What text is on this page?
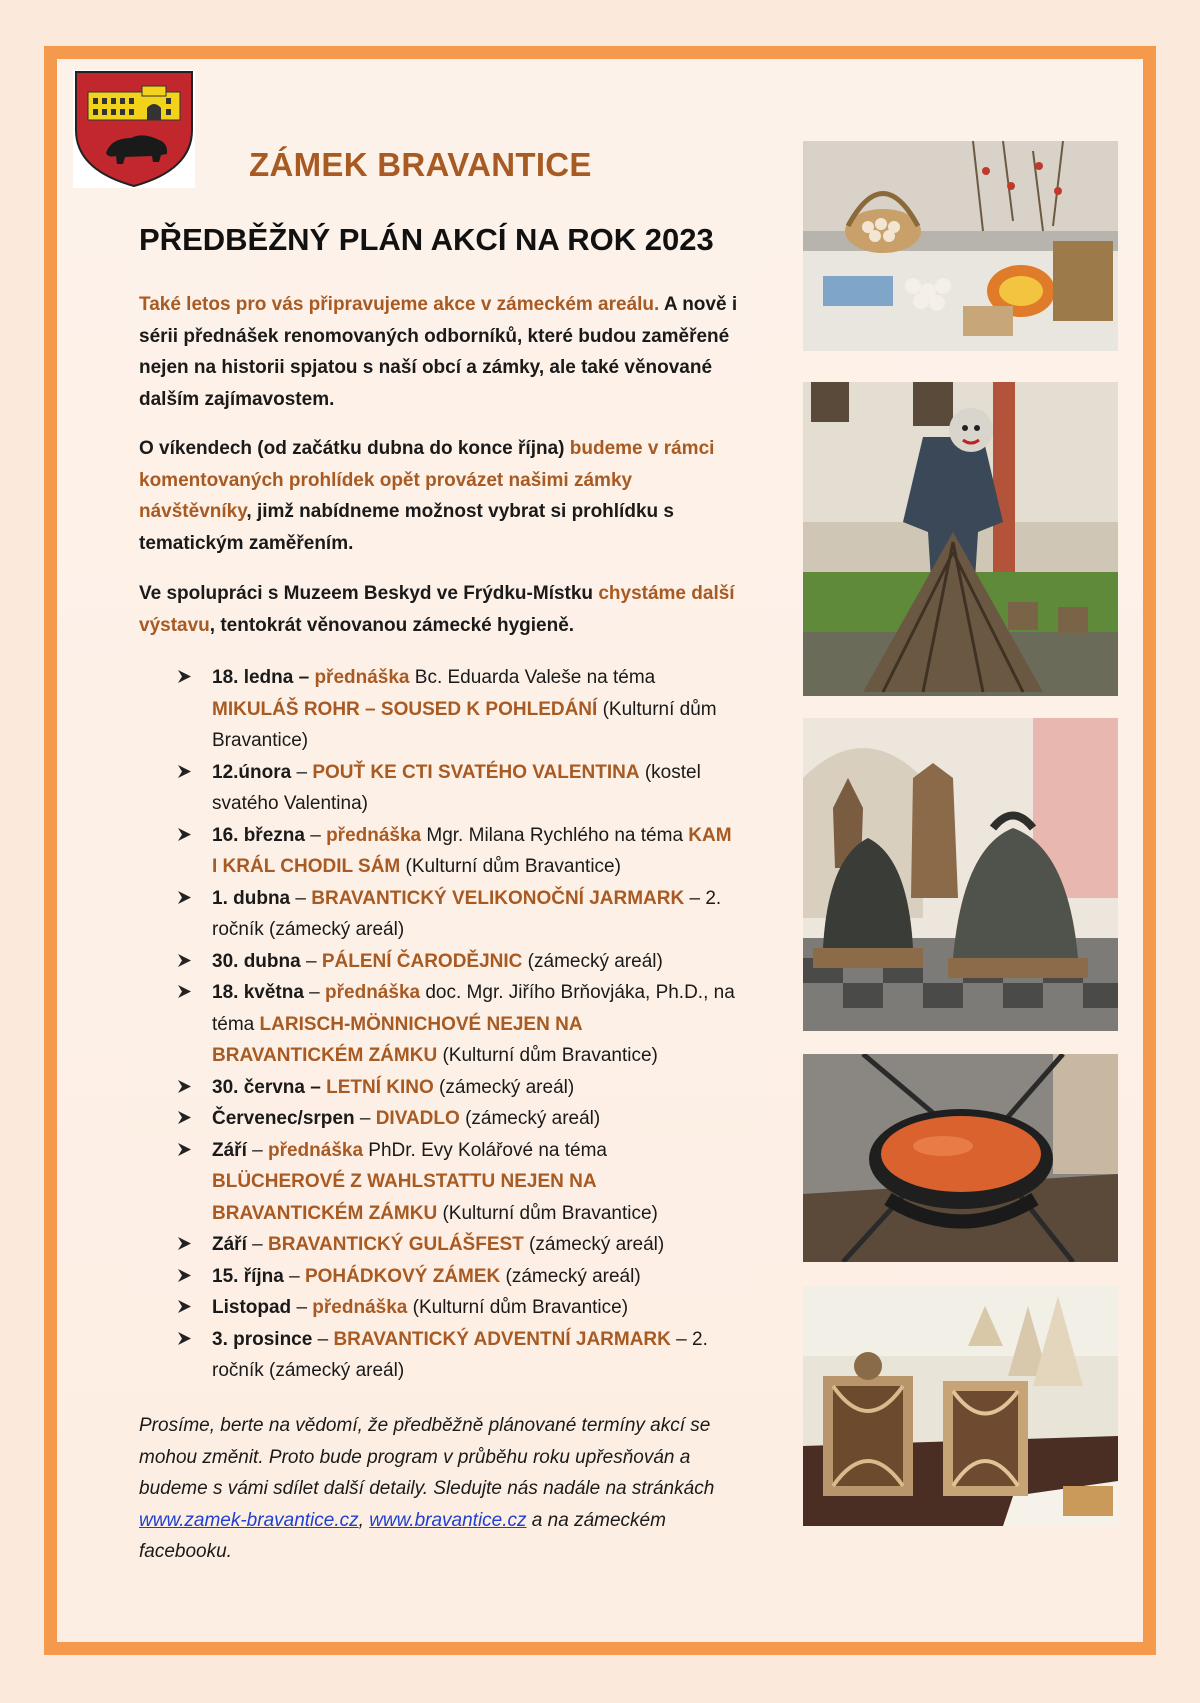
ZÁMEK BRAVANTICE
PŘEDBĚŽNÝ PLÁN AKCÍ NA ROK 2023
Také letos pro vás připravujeme akce v zámeckém areálu. A nově i sérii přednášek renomovaných odborníků, které budou zaměřené nejen na historii spjatou s naší obcí a zámky, ale také věnované dalším zajímavostem.
O víkendech (od začátku dubna do konce října) budeme v rámci komentovaných prohlídek opět provázet našimi zámky návštěvníky, jimž nabídneme možnost vybrat si prohlídku s tematickým zaměřením.
Ve spolupráci s Muzeem Beskyd ve Frýdku-Místku chystáme další výstavu, tentokrát věnovanou zámecké hygieně.
18. ledna – přednáška Bc. Eduarda Valeše na téma MIKULÁŠ ROHR – SOUSED K POHLEDÁNÍ (Kulturní dům Bravantice)
12.února – POUŤ KE CTI SVATÉHO VALENTINA (kostel svatého Valentina)
16. března – přednáška Mgr. Milana Rychlého na téma KAM I KRÁL CHODIL SÁM (Kulturní dům Bravantice)
1. dubna – BRAVANTICKÝ VELIKONOČNÍ JARMARK – 2. ročník (zámecký areál)
30. dubna – PÁLENÍ ČARODĚJNIC (zámecký areál)
18. května – přednáška doc. Mgr. Jiřího Brňovjáka, Ph.D., na téma LARISCH-MÖNNICHOVÉ NEJEN NA BRAVANTICKÉM ZÁMKU (Kulturní dům Bravantice)
30. června – LETNÍ KINO (zámecký areál)
Červenec/srpen – DIVADLO (zámecký areál)
Září – přednáška PhDr. Evy Kolářové na téma BLÜCHEROVÉ Z WAHLSTATTU NEJEN NA BRAVANTICKÉM ZÁMKU (Kulturní dům Bravantice)
Září – BRAVANTICKÝ GULÁŠFEST (zámecký areál)
15. října – POHÁDKOVÝ ZÁMEK (zámecký areál)
Listopad – přednáška (Kulturní dům Bravantice)
3. prosince – BRAVANTICKÝ ADVENTNÍ JARMARK – 2. ročník (zámecký areál)
Prosíme, berte na vědomí, že předběžně plánované termíny akcí se mohou změnit. Proto bude program v průběhu roku upřesňován a budeme s vámi sdílet další detaily. Sledujte nás nadále na stránkách www.zamek-bravantice.cz, www.bravantice.cz a na zámeckém facebooku.
